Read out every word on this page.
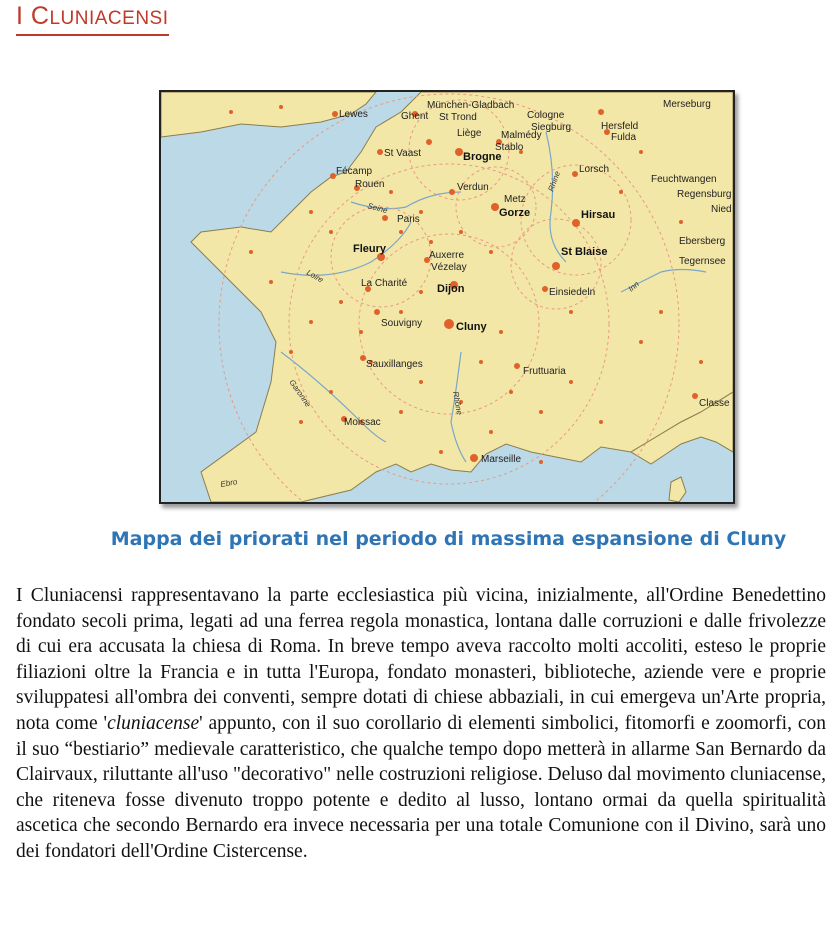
I CLUNIACENSI
Lewes	Ghent
München-Gladbach
St Trond	Cologne
Siegburg
Merseburg
Liège Malmédy
Stablo
Hersfeld
Fulda
St Vaast	Brogne
Fécamp
Rouen
Lorsch
Feuchtwangen
Regensburg
Nied
Verdun
Metz
Gorze	Hirsau
Paris
Ebersberg
Tegernsee
St Blaise
Fleury
Auxerre
Vézelay
Dijon
La Charité
Einsiedeln
Souvigny	Cluny
Sauxillanges
Fruttuaria
Moissac
Classe
Marseille
Loire
Seine
Rhine
Rhône
Garonne
Ebro
Inn
Mappa dei priorati nel periodo di massima espansione di Cluny
I Cluniacensi rappresentavano la parte ecclesiastica più vicina, inizialmente, all'Ordine Benedettino fondato secoli prima, legati ad una ferrea regola monastica, lontana dalle corruzioni e dalle frivolezze di cui era accusata la chiesa di Roma. In breve tempo aveva raccolto molti accoliti, esteso le proprie filiazioni oltre la Francia e in tutta l'Europa, fondato monasteri, biblioteche, aziende vere e proprie sviluppatesi all'ombra dei conventi, sempre dotati di chiese abbaziali, in cui emergeva un'Arte propria, nota come 'cluniacense' appunto, con il suo corollario di elementi simbolici, fitomorfi e zoomorfi, con il suo “bestiario” medievale caratteristico, che qualche tempo dopo metterà in allarme San Bernardo da Clairvaux, riluttante all'uso "decorativo" nelle costruzioni religiose. Deluso dal movimento cluniacense, che riteneva fosse divenuto troppo potente e dedito al lusso, lontano ormai da quella spiritualità ascetica che secondo Bernardo era invece necessaria per una totale Comunione con il Divino, sarà uno dei fondatori dell'Ordine Cistercense.
